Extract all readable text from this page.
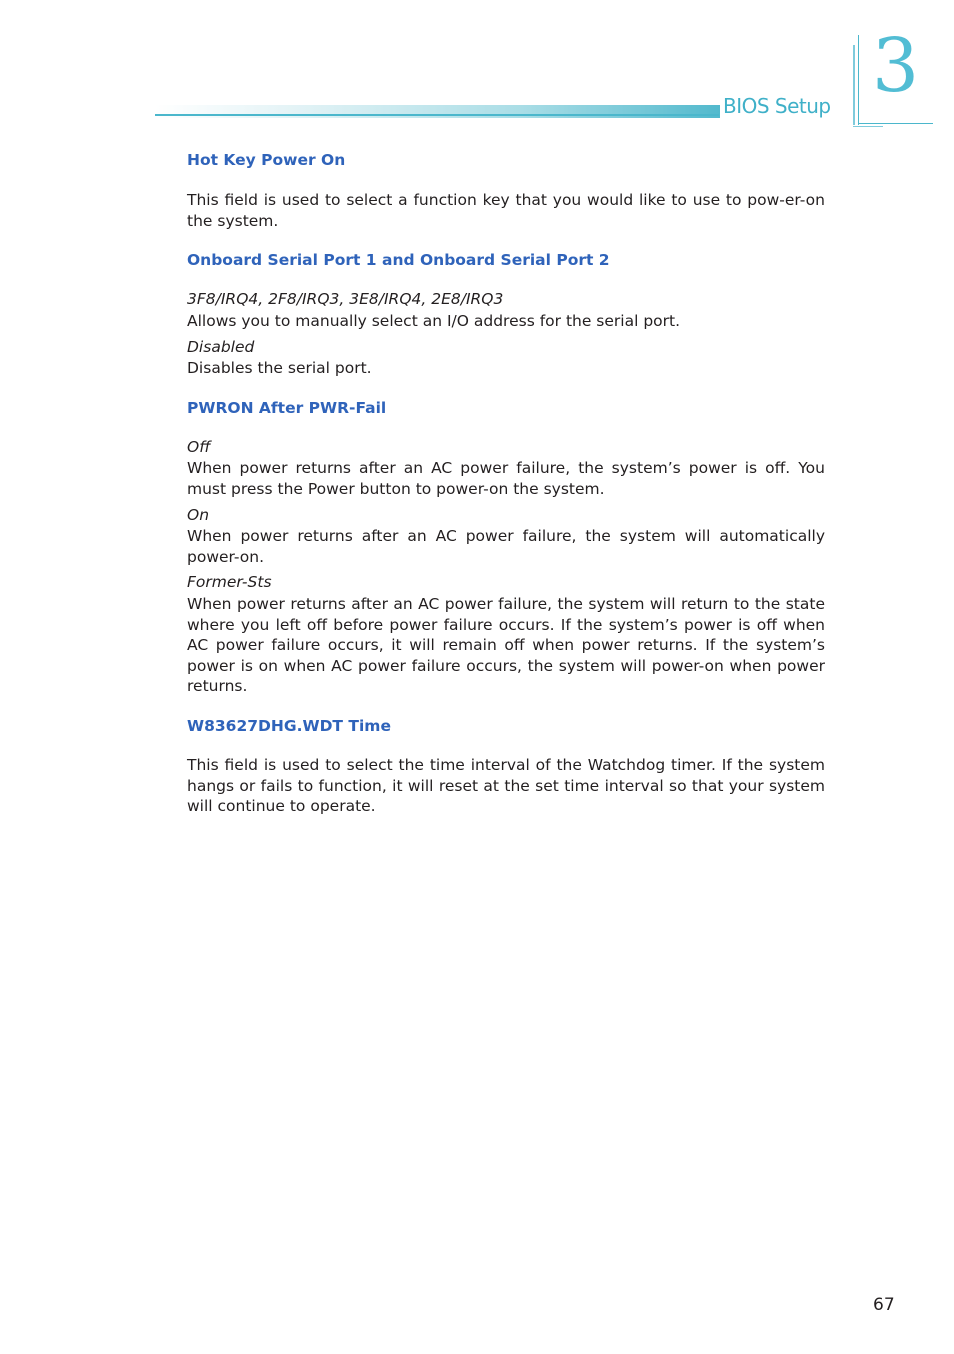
BIOS Setup 3
Hot Key Power On
This field is used to select a function key that you would like to use to pow-er-on the system.
Onboard Serial Port 1 and Onboard Serial Port 2
3F8/IRQ4, 2F8/IRQ3, 3E8/IRQ4, 2E8/IRQ3
Allows you to manually select an I/O address for the serial port.
Disabled
Disables the serial port.
PWRON After PWR-Fail
Off
When power returns after an AC power failure, the system’s power is off. You must press the Power button to power-on the system.
On
When power returns after an AC power failure, the system will automatically power-on.
Former-Sts
When power returns after an AC power failure, the system will return to the state where you left off before power failure occurs. If the system’s power is off when AC power failure occurs, it will remain off when power returns. If the system’s power is on when AC power failure occurs, the system will power-on when power returns.
W83627DHG.WDT Time
This field is used to select the time interval of the Watchdog timer. If the system hangs or fails to function, it will reset at the set time interval so that your system will continue to operate.
67
